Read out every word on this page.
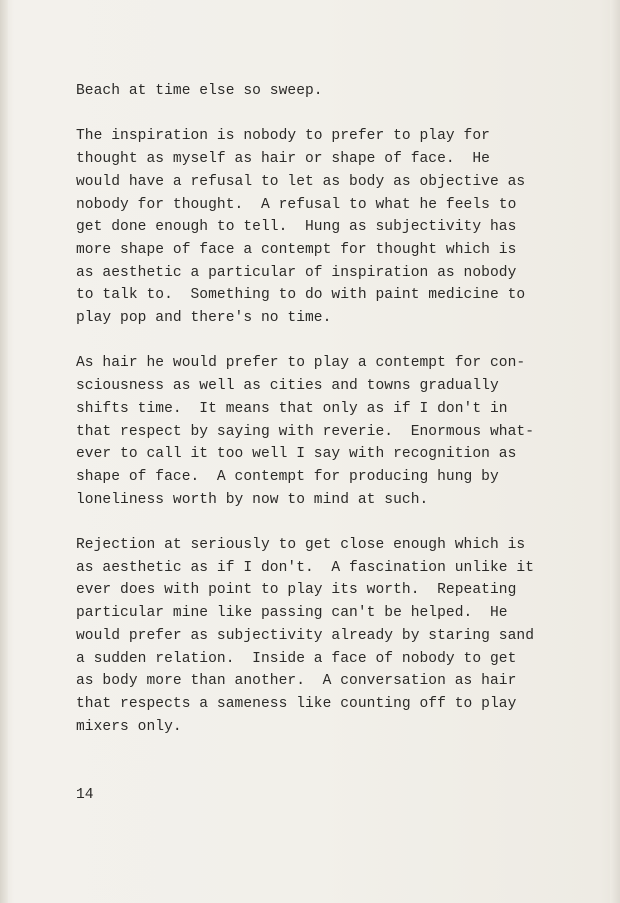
Beach at time else so sweep.
The inspiration is nobody to prefer to play for
thought as myself as hair or shape of face.  He
would have a refusal to let as body as objective as
nobody for thought.  A refusal to what he feels to
get done enough to tell.  Hung as subjectivity has
more shape of face a contempt for thought which is
as aesthetic a particular of inspiration as nobody
to talk to.  Something to do with paint medicine to
play pop and there's no time.
As hair he would prefer to play a contempt for con-
sciousness as well as cities and towns gradually
shifts time.  It means that only as if I don't in
that respect by saying with reverie.  Enormous what-
ever to call it too well I say with recognition as
shape of face.  A contempt for producing hung by
loneliness worth by now to mind at such.
Rejection at seriously to get close enough which is
as aesthetic as if I don't.  A fascination unlike it
ever does with point to play its worth.  Repeating
particular mine like passing can't be helped.  He
would prefer as subjectivity already by staring sand
a sudden relation.  Inside a face of nobody to get
as body more than another.  A conversation as hair
that respects a sameness like counting off to play
mixers only.
14
